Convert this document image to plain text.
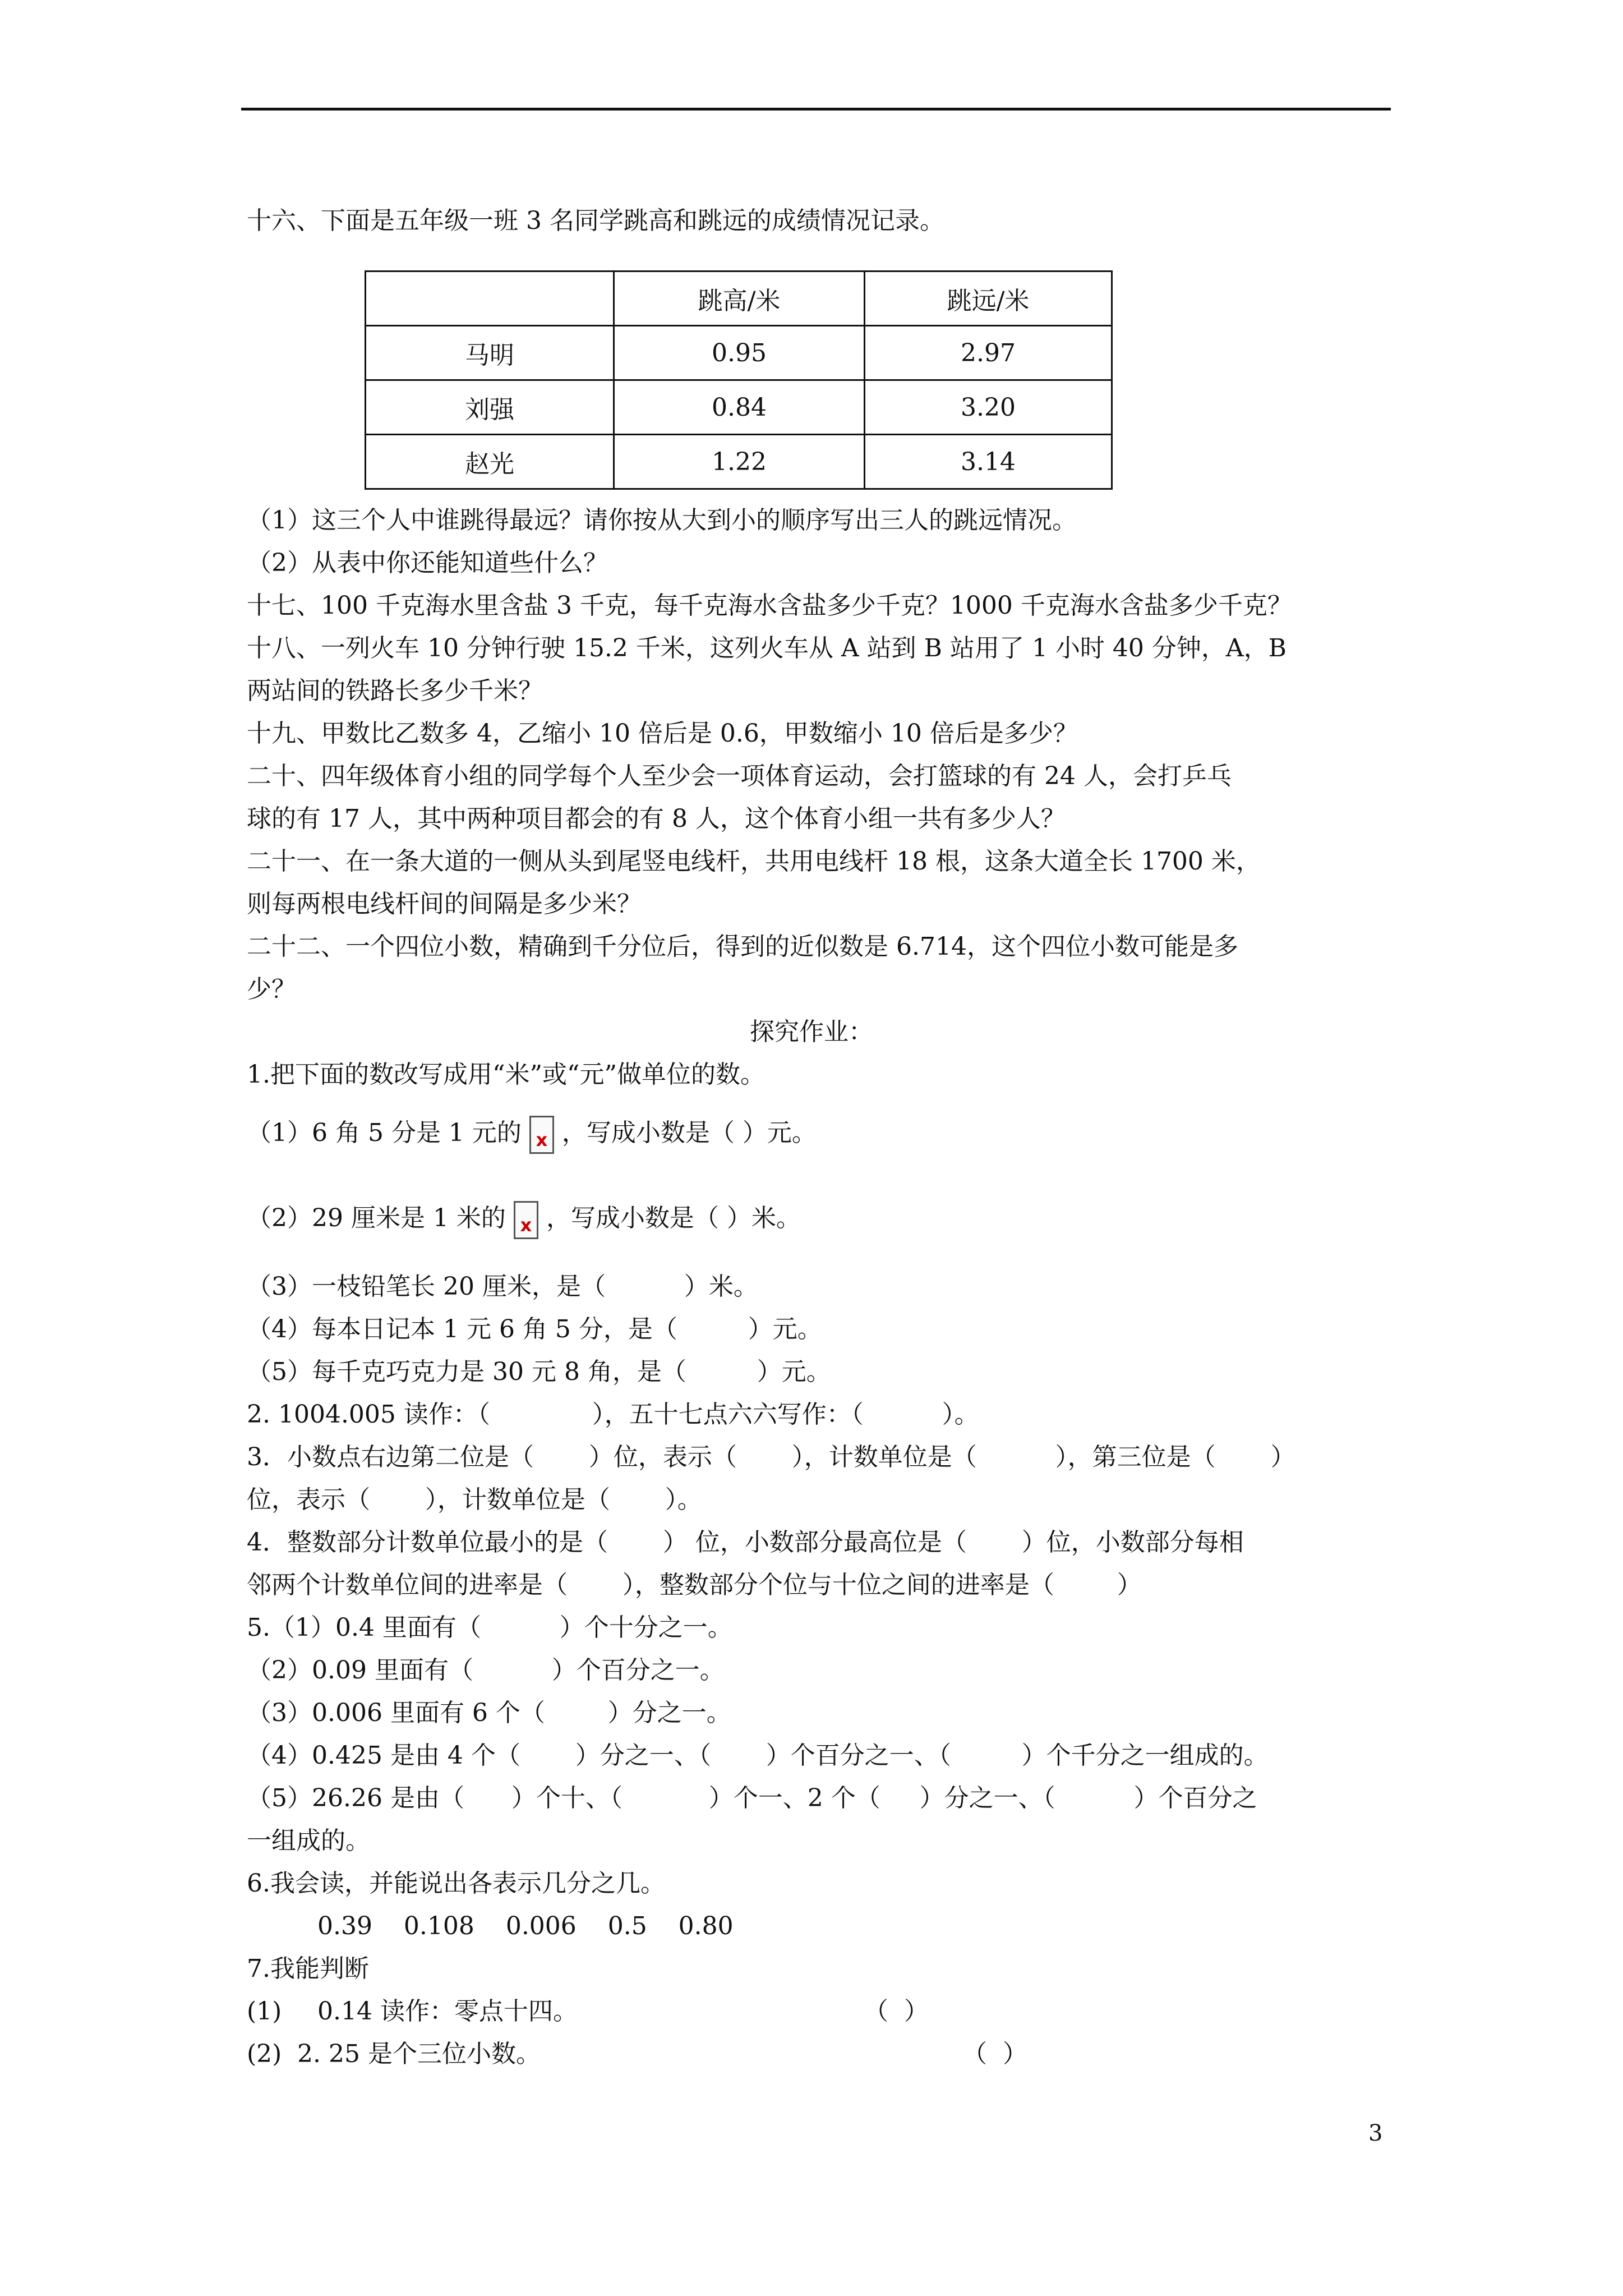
十六、下面是五年级一班 3 名同学跳高和跳远的成绩情况记录。
	跳高/米	跳远/米
马明	0.95	2.97
刘强	0.84	3.20
赵光	1.22	3.14
（1）这三个人中谁跳得最远？请你按从大到小的顺序写出三人的跳远情况。
（2）从表中你还能知道些什么？
十七、100 千克海水里含盐 3 千克，每千克海水含盐多少千克？1000 千克海水含盐多少千克？
十八、一列火车 10 分钟行驶 15.2 千米，这列火车从 A 站到 B 站用了 1 小时 40 分钟，A，B
两站间的铁路长多少千米？
十九、甲数比乙数多 4，乙缩小 10 倍后是 0.6，甲数缩小 10 倍后是多少？
二十、四年级体育小组的同学每个人至少会一项体育运动，会打篮球的有 24 人，会打乒乓
球的有 17 人，其中两种项目都会的有 8 人，这个体育小组一共有多少人？
二十一、在一条大道的一侧从头到尾竖电线杆，共用电线杆 18 根，这条大道全长 1700 米，
则每两根电线杆间的间隔是多少米？
二十二、一个四位小数，精确到千分位后，得到的近似数是 6.714，这个四位小数可能是多
少？
探究作业：
1.把下面的数改写成用“米”或“元”做单位的数。
（1）6 角 5 分是 1 元的 x ，写成小数是（ ）元。
（2）29 厘米是 1 米的 x ，写成小数是（ ）米。
（3）一枝铅笔长 20 厘米，是（          ）米。
（4）每本日记本 1 元 6 角 5 分，是（         ）元。
（5）每千克巧克力是 30 元 8 角，是（         ）元。
2. 1004.005 读作：（             ），五十七点六六写作：（          ）。
3．小数点右边第二位是（       ）位，表示（       ），计数单位是（          ），第三位是（       ）
位，表示（       ），计数单位是（       ）。
4．整数部分计数单位最小的是（       ） 位，小数部分最高位是（       ）位，小数部分每相
邻两个计数单位间的进率是（       ），整数部分个位与十位之间的进率是（        ）
5.（1）0.4 里面有（          ）个十分之一。
（2）0.09 里面有（          ）个百分之一。
（3）0.006 里面有 6 个（        ）分之一。
（4）0.425 是由 4 个（       ）分之一、（       ）个百分之一、（         ）个千分之一组成的。
（5）26.26 是由（      ）个十、（           ）个一、2 个（     ）分之一、（          ）个百分之
一组成的。
6.我会读，并能说出各表示几分之几。
0.39    0.108    0.006    0.5    0.80
7.我能判断
(1) 0.14 读作：零点十四。	（  ）
(2) 2. 25 是个三位小数。	（  ）
3
